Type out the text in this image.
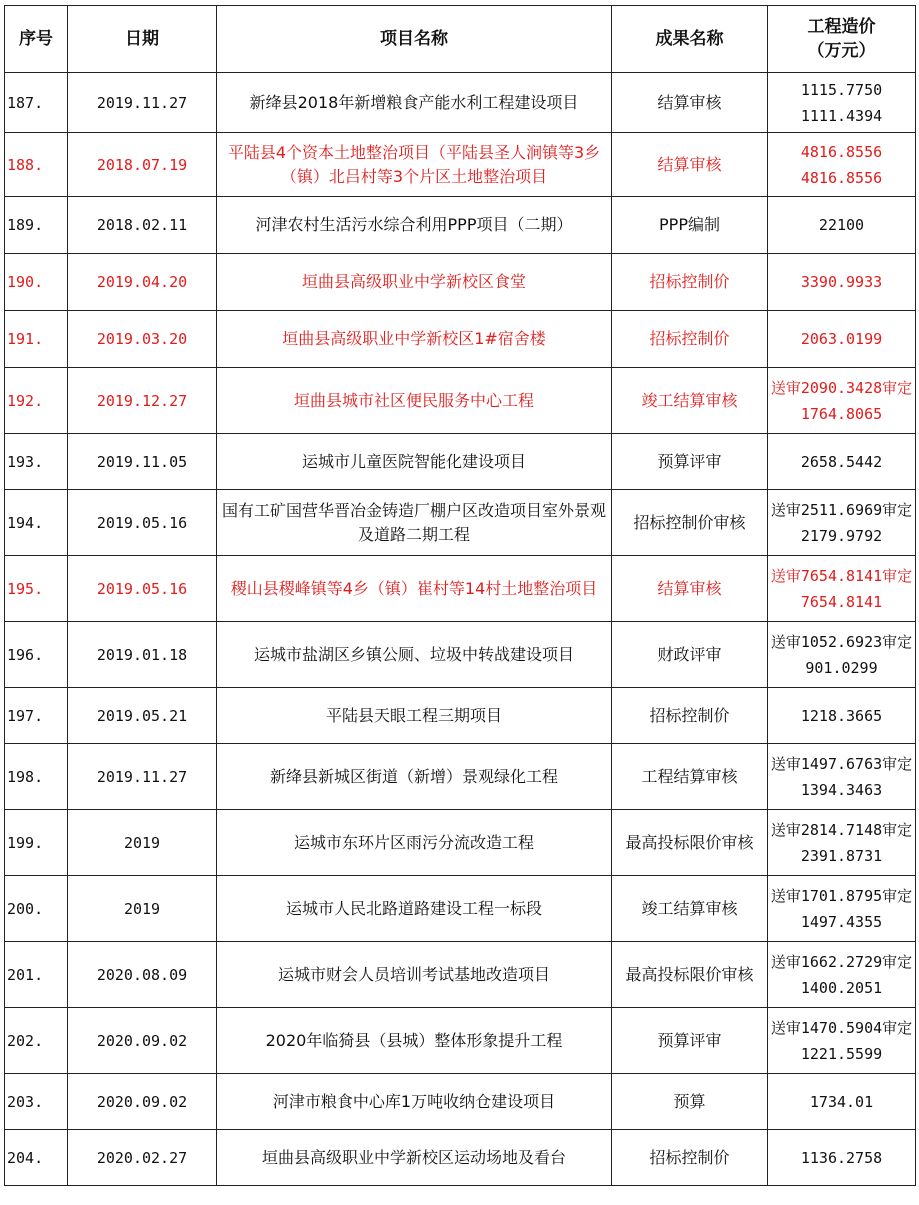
序号	日期	项目名称	成果名称	工程造价
（万元）

187.	2019.11.27	新绛县2018年新增粮食产能水利工程建设项目	结算审核	1115.7750
1111.4394

188.	2018.07.19	平陆县4个资本土地整治项目（平陆县圣人涧镇等3乡（镇）北吕村等3个片区土地整治项目	结算审核	4816.8556
4816.8556

189.	2018.02.11	河津农村生活污水综合利用PPP项目（二期）	PPP编制	22100

190.	2019.04.20	垣曲县高级职业中学新校区食堂	招标控制价	3390.9933

191.	2019.03.20	垣曲县高级职业中学新校区1#宿舍楼	招标控制价	2063.0199

192.	2019.12.27	垣曲县城市社区便民服务中心工程	竣工结算审核	送审2090.3428审定1764.8065

193.	2019.11.05	运城市儿童医院智能化建设项目	预算评审	2658.5442

194.	2019.05.16	国有工矿国营华晋冶金铸造厂棚户区改造项目室外景观及道路二期工程	招标控制价审核	送审2511.6969审定2179.9792

195.	2019.05.16	稷山县稷峰镇等4乡（镇）崔村等14村土地整治项目	结算审核	送审7654.8141审定7654.8141

196.	2019.01.18	运城市盐湖区乡镇公厕、垃圾中转战建设项目	财政评审	送审1052.6923审定901.0299

197.	2019.05.21	平陆县天眼工程三期项目	招标控制价	1218.3665

198.	2019.11.27	新绛县新城区街道（新增）景观绿化工程	工程结算审核	送审1497.6763审定1394.3463

199.	2019	运城市东环片区雨污分流改造工程	最高投标限价审核	送审2814.7148审定2391.8731

200.	2019	运城市人民北路道路建设工程一标段	竣工结算审核	送审1701.8795审定1497.4355

201.	2020.08.09	运城市财会人员培训考试基地改造项目	最高投标限价审核	送审1662.2729审定1400.2051

202.	2020.09.02	2020年临猗县（县城）整体形象提升工程	预算评审	送审1470.5904审定1221.5599

203.	2020.09.02	河津市粮食中心库1万吨收纳仓建设项目	预算	1734.01

204.	2020.02.27	垣曲县高级职业中学新校区运动场地及看台	招标控制价	1136.2758
